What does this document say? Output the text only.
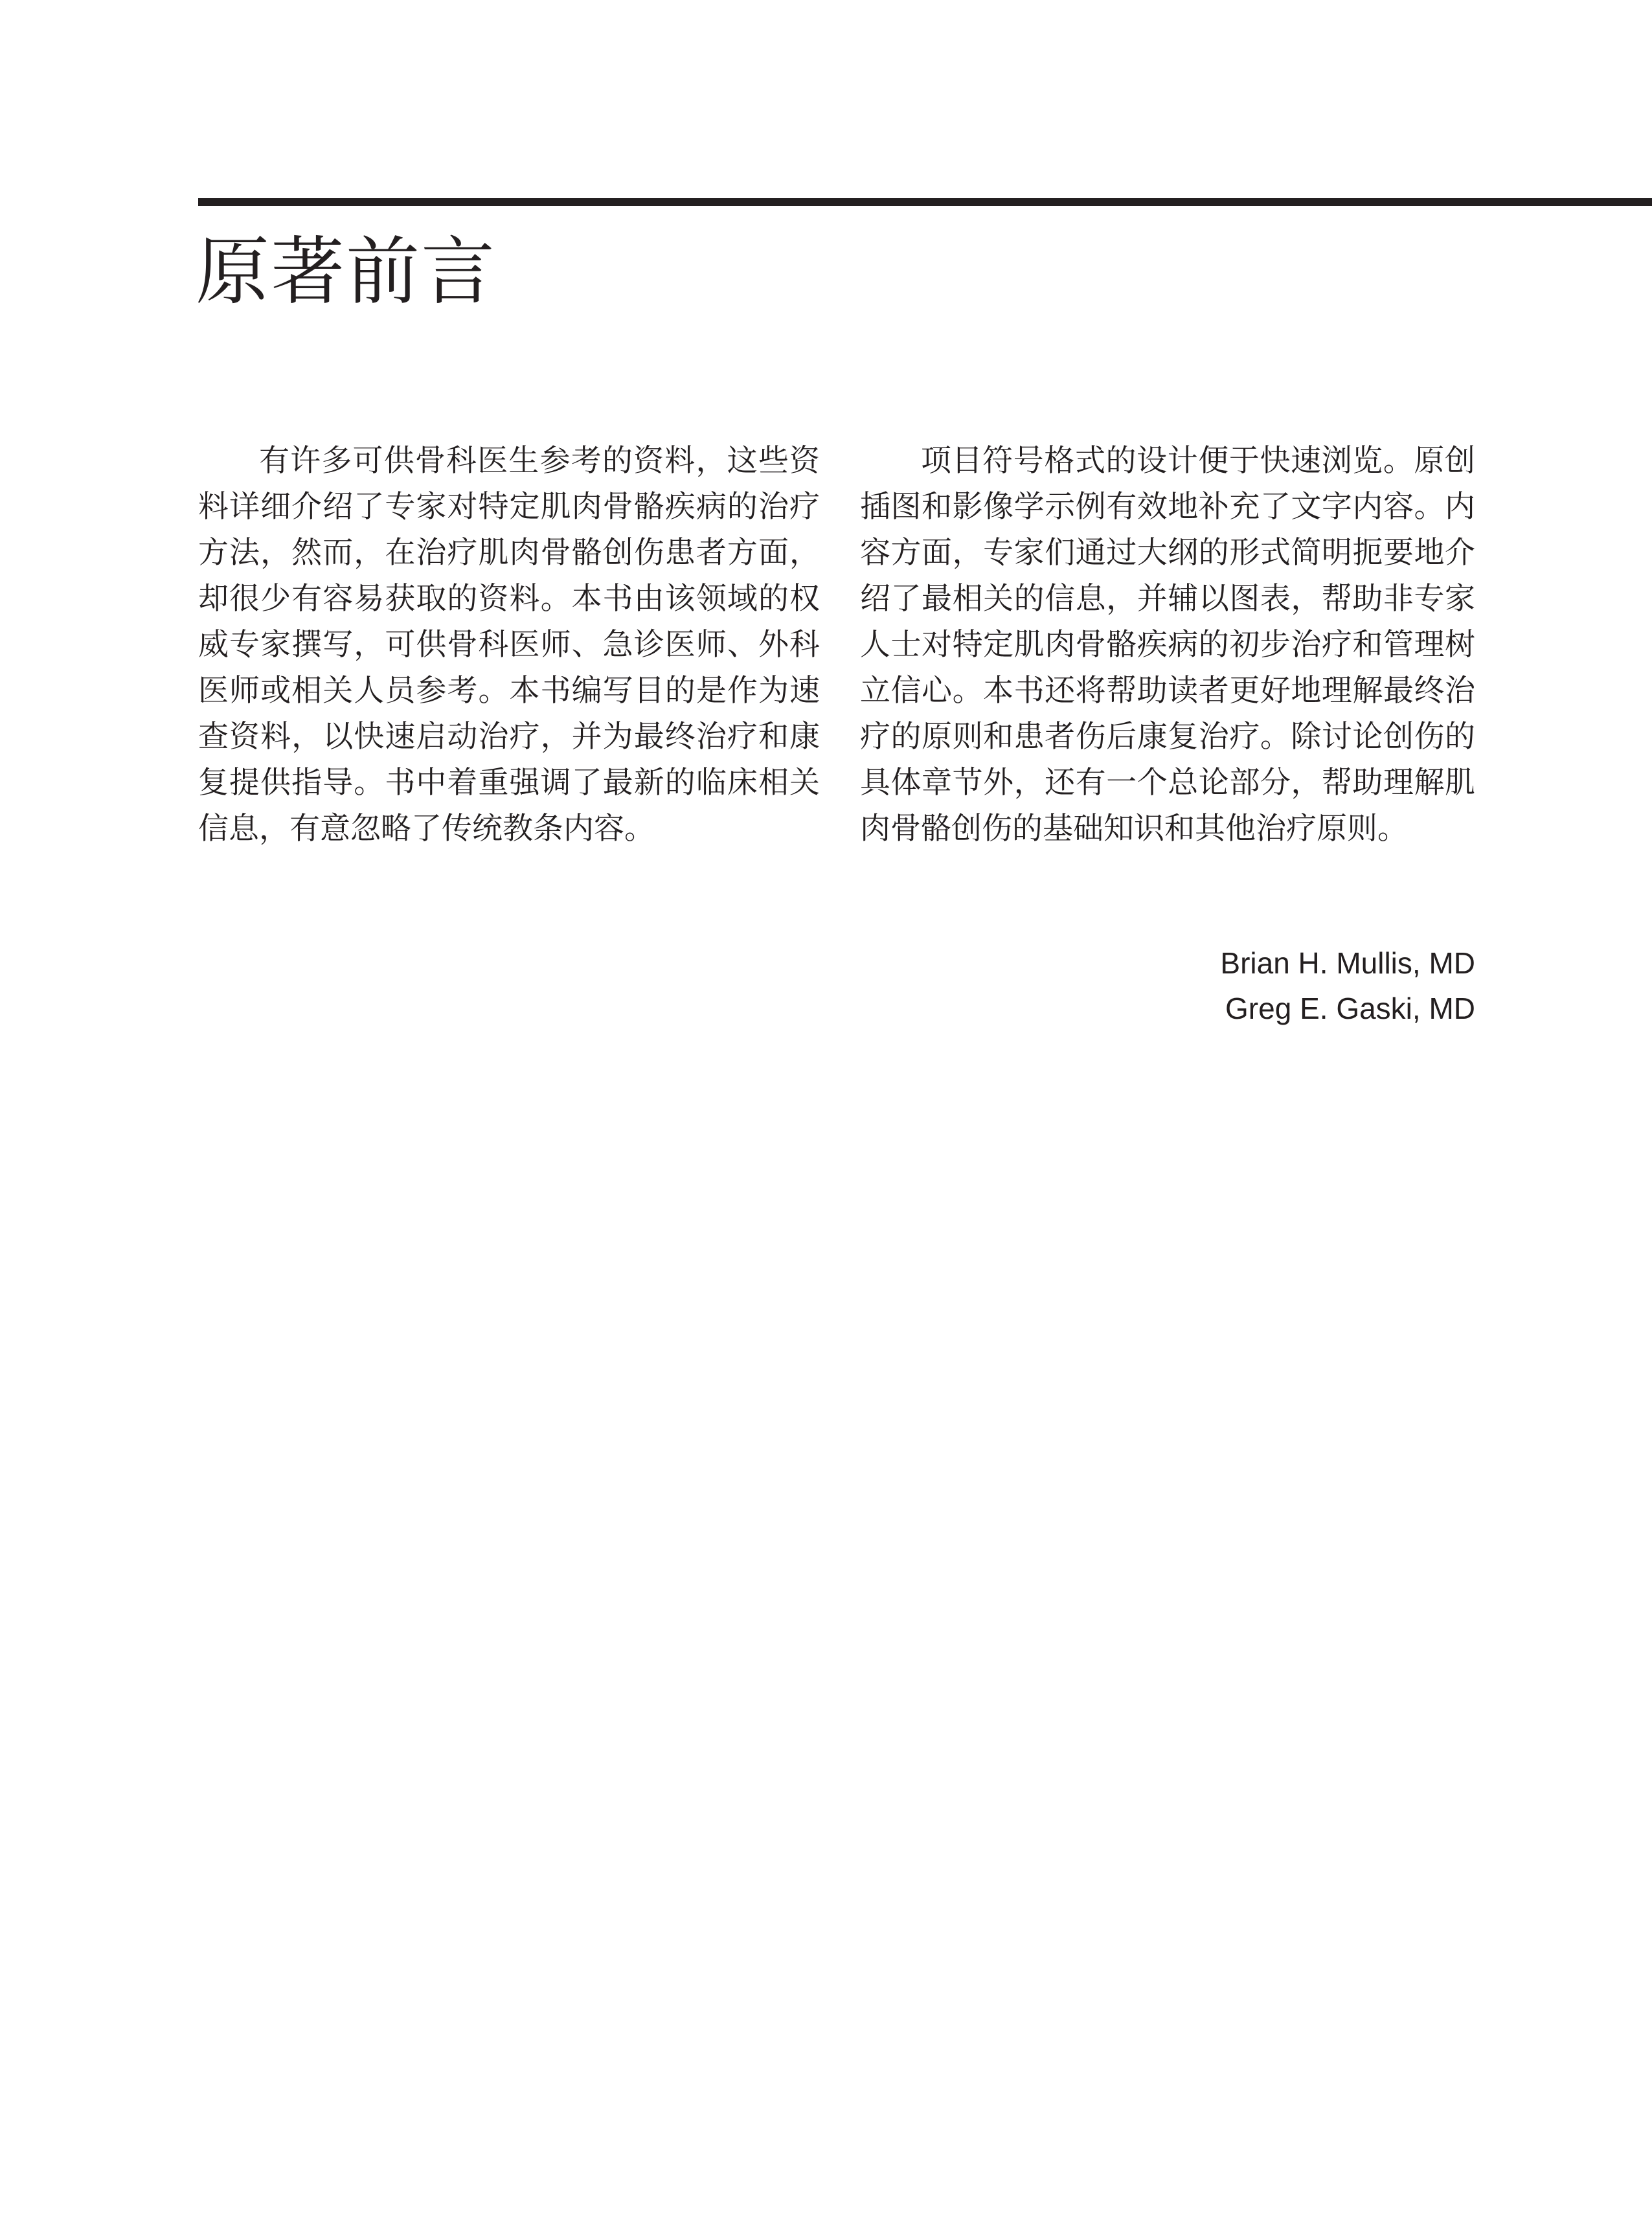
原著前言

有许多可供骨科医生参考的资料，这些资料详细介绍了专家对特定肌肉骨骼疾病的治疗方法，然而，在治疗肌肉骨骼创伤患者方面，却很少有容易获取的资料。本书由该领域的权威专家撰写，可供骨科医师、急诊医师、外科医师或相关人员参考。本书编写目的是作为速查资料，以快速启动治疗，并为最终治疗和康复提供指导。书中着重强调了最新的临床相关信息，有意忽略了传统教条内容。

项目符号格式的设计便于快速浏览。原创插图和影像学示例有效地补充了文字内容。内容方面，专家们通过大纲的形式简明扼要地介绍了最相关的信息，并辅以图表，帮助非专家人士对特定肌肉骨骼疾病的初步治疗和管理树立信心。本书还将帮助读者更好地理解最终治疗的原则和患者伤后康复治疗。除讨论创伤的具体章节外，还有一个总论部分，帮助理解肌肉骨骼创伤的基础知识和其他治疗原则。

Brian H. Mullis, MD
Greg E. Gaski, MD
